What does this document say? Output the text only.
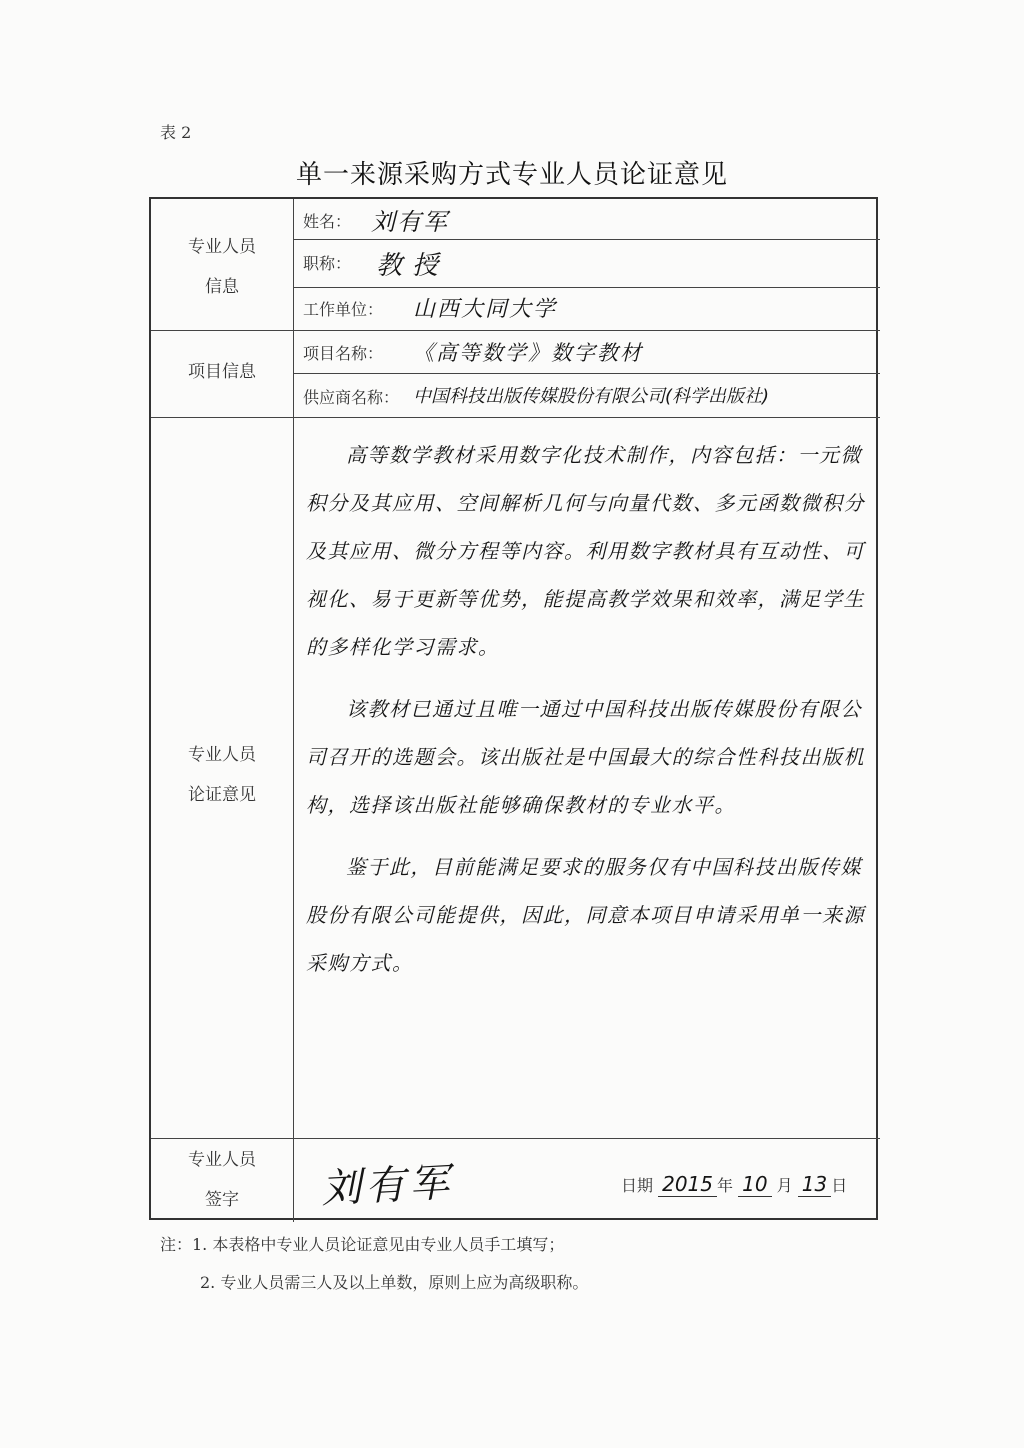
表 2
单一来源采购方式专业人员论证意见
专业人员
信息
姓名： 刘有军
职称： 教授
工作单位： 山西大同大学
项目信息
项目名称： 《高等数学》数字教材
供应商名称： 中国科技出版传媒股份有限公司(科学出版社)
专业人员
论证意见

高等数学教材采用数字化技术制作，内容包括：一元微积分及其应用、空间解析几何与向量代数、多元函数微积分及其应用、微分方程等内容。利用数字教材具有互动性、可视化、易于更新等优势，能提高教学效果和效率，满足学生的多样化学习需求。

该教材已通过且唯一通过中国科技出版传媒股份有限公司召开的选题会。该出版社是中国最大的综合性科技出版机构，选择该出版社能够确保教材的专业水平。

鉴于此，目前能满足要求的服务仅有中国科技出版传媒股份有限公司能提供，因此，同意本项目申请采用单一来源采购方式。

专业人员
签字	刘有军	日期 2015 年 10 月 13 日
注：1. 本表格中专业人员论证意见由专业人员手工填写；
2. 专业人员需三人及以上单数，原则上应为高级职称。
